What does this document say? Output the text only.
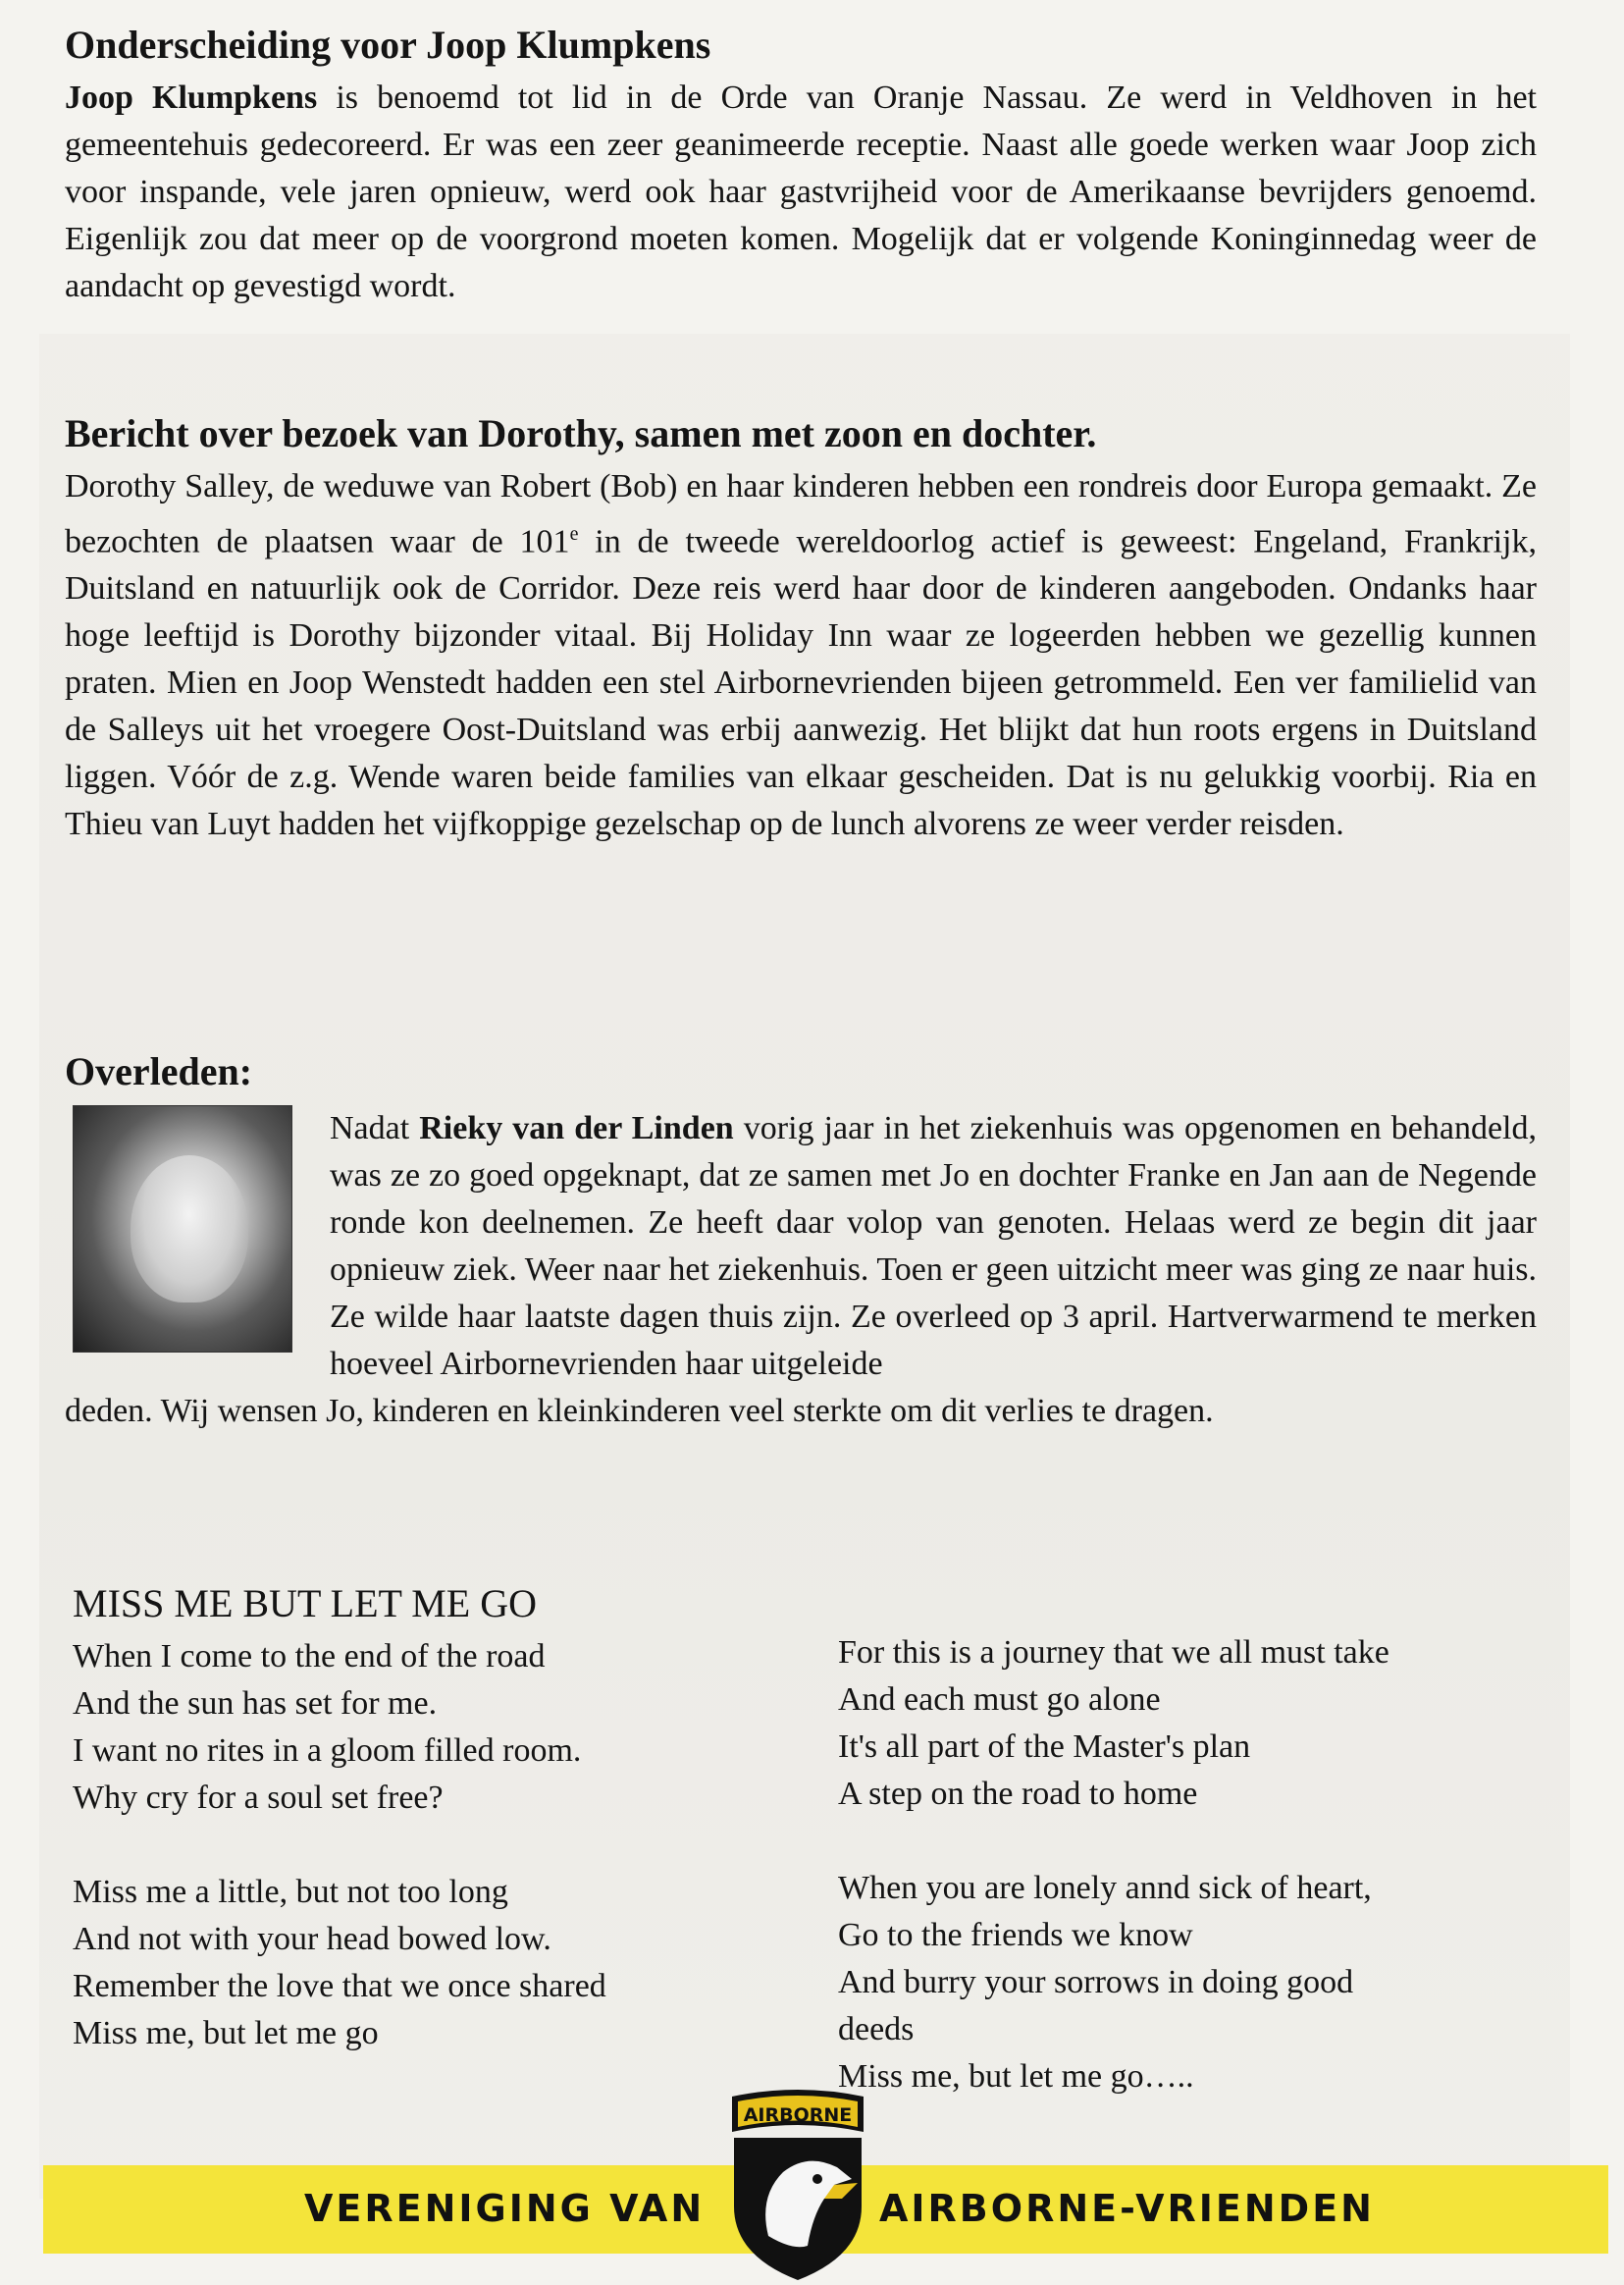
Onderscheiding voor Joop Klumpkens

Joop Klumpkens is benoemd tot lid in de Orde van Oranje Nassau. Ze werd in Veldhoven in het gemeentehuis gedecoreerd. Er was een zeer geanimeerde receptie. Naast alle goede werken waar Joop zich voor inspande, vele jaren opnieuw, werd ook haar gastvrijheid voor de Amerikaanse bevrijders genoemd. Eigenlijk zou dat meer op de voorgrond moeten komen. Mogelijk dat er volgende Koninginnedag weer de aandacht op gevestigd wordt.

Bericht over bezoek van Dorothy, samen met zoon en dochter.

Dorothy Salley, de weduwe van Robert (Bob) en haar kinderen hebben een rondreis door Europa gemaakt. Ze bezochten de plaatsen waar de 101e in de tweede wereldoorlog actief is geweest: Engeland, Frankrijk, Duitsland en natuurlijk ook de Corridor. Deze reis werd haar door de kinderen aangeboden. Ondanks haar hoge leeftijd is Dorothy bijzonder vitaal. Bij Holiday Inn waar ze logeerden hebben we gezellig kunnen praten. Mien en Joop Wenstedt hadden een stel Airbornevrienden bijeen getrommeld. Een ver familielid van de Salleys uit het vroegere Oost-Duitsland was erbij aanwezig. Het blijkt dat hun roots ergens in Duitsland liggen. Vóór de z.g. Wende waren beide families van elkaar gescheiden. Dat is nu gelukkig voorbij. Ria en Thieu van Luyt hadden het vijfkoppige gezelschap op de lunch alvorens ze weer verder reisden.

Overleden:

Nadat Rieky van der Linden vorig jaar in het ziekenhuis was opgenomen en behandeld, was ze zo goed opgeknapt, dat ze samen met Jo en dochter Franke en Jan aan de Negende ronde kon deelnemen. Ze heeft daar volop van genoten. Helaas werd ze begin dit jaar opnieuw ziek. Weer naar het ziekenhuis. Toen er geen uitzicht meer was ging ze naar huis. Ze wilde haar laatste dagen thuis zijn. Ze overleed op 3 april. Hartverwarmend te merken hoeveel Airbornevrienden haar uitgeleide

deden. Wij wensen Jo, kinderen en kleinkinderen veel sterkte om dit verlies te dragen.

MISS ME BUT LET ME GO
When I come to the end of the road
And the sun has set for me.
I want no rites in a gloom filled room.
Why cry for a soul set free?
Miss me a little, but not too long
And not with your head bowed low.
Remember the love that we once shared
Miss me, but let me go
For this is a journey that we all must take
And each must go alone
It's all part of the Master's plan
A step on the road to home
When you are lonely annd sick of heart,
Go to the friends we know
And burry your sorrows in doing good
deeds
Miss me, but let me go…..
VERENIGING VAN	AIRBORNE-VRIENDEN
AIRBORNE
